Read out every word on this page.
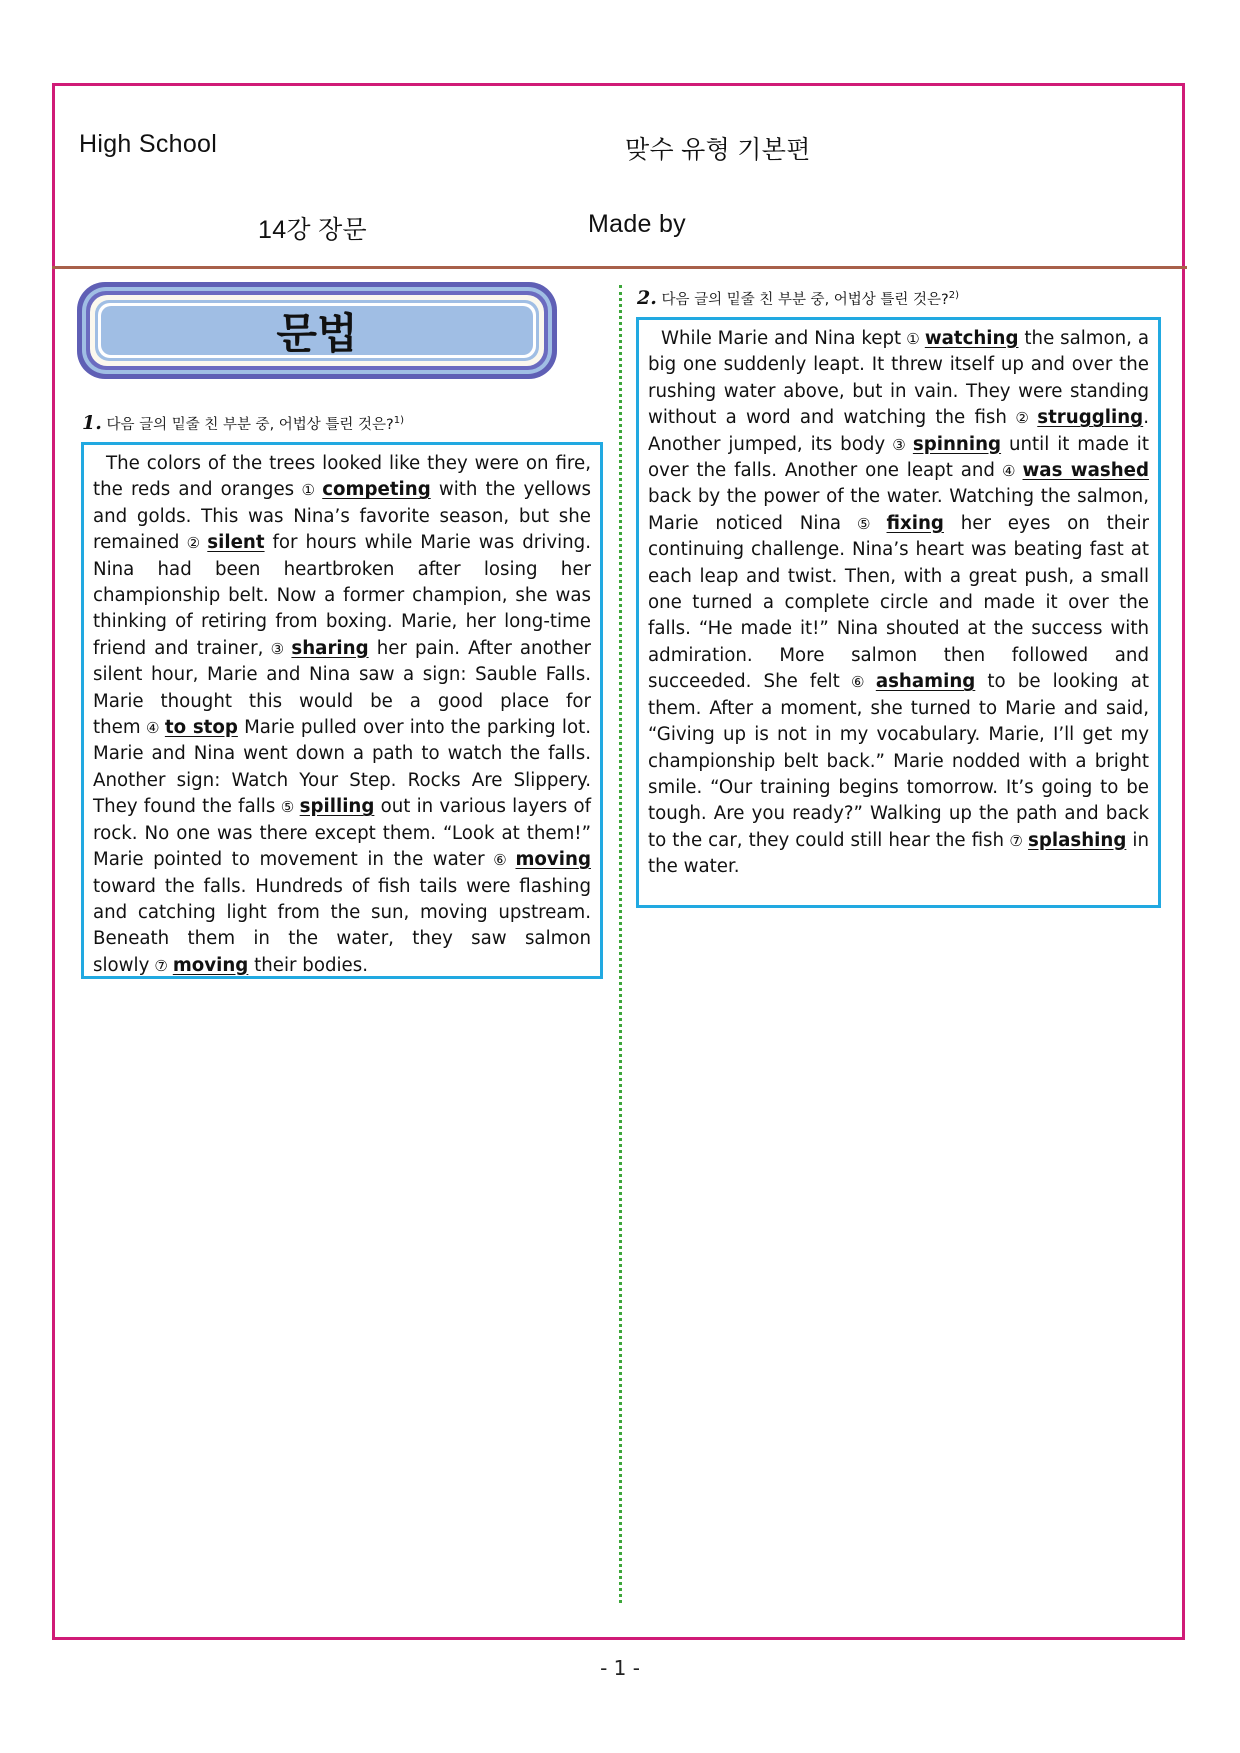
High School	맞수 유형 기본편
14강 장문	Made by
문법
1. 다음 글의 밑줄 친 부분 중, 어법상 틀린 것은?$^{1)}$

The colors of the trees looked like they were on fire, the reds and oranges ① competing with the yellows and golds. This was Nina’s favorite season, but she remained ② silent for hours while Marie was driving. Nina had been heartbroken after losing her championship belt. Now a former champion, she was thinking of retiring from boxing. Marie, her long-time friend and trainer, ③ sharing her pain. After another silent hour, Marie and Nina saw a sign: Sauble Falls. Marie thought this would be a good place for them ④ to stop Marie pulled over into the parking lot. Marie and Nina went down a path to watch the falls. Another sign: Watch Your Step. Rocks Are Slippery. They found the falls ⑤ spilling out in various layers of rock. No one was there except them. “Look at them!” Marie pointed to movement in the water ⑥ moving toward the falls. Hundreds of fish tails were flashing and catching light from the sun, moving upstream. Beneath them in the water, they saw salmon slowly ⑦ moving their bodies.

2. 다음 글의 밑줄 친 부분 중, 어법상 틀린 것은?$^{2)}$

While Marie and Nina kept ① watching the salmon, a big one suddenly leapt. It threw itself up and over the rushing water above, but in vain. They were standing without a word and watching the fish ② struggling. Another jumped, its body ③ spinning until it made it over the falls. Another one leapt and ④ was washed back by the power of the water. Watching the salmon, Marie noticed Nina ⑤ fixing her eyes on their continuing challenge. Nina’s heart was beating fast at each leap and twist. Then, with a great push, a small one turned a complete circle and made it over the falls. “He made it!” Nina shouted at the success with admiration. More salmon then followed and succeeded. She felt ⑥ ashaming to be looking at them. After a moment, she turned to Marie and said, “Giving up is not in my vocabulary. Marie, I’ll get my championship belt back.” Marie nodded with a bright smile. “Our training begins tomorrow. It’s going to be tough. Are you ready?” Walking up the path and back to the car, they could still hear the fish ⑦ splashing in the water.

- 1 -
